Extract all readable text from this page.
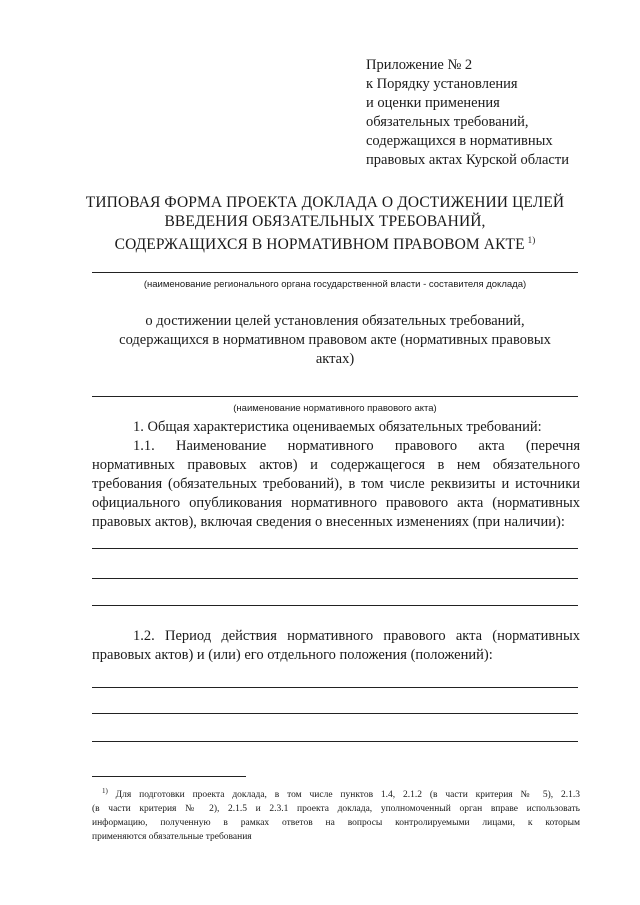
Приложение № 2
к Порядку установления
и оценки применения
обязательных требований,
содержащихся в нормативных
правовых актах Курской области
ТИПОВАЯ ФОРМА ПРОЕКТА ДОКЛАДА О ДОСТИЖЕНИИ ЦЕЛЕЙ
ВВЕДЕНИЯ ОБЯЗАТЕЛЬНЫХ ТРЕБОВАНИЙ,
СОДЕРЖАЩИХСЯ В НОРМАТИВНОМ ПРАВОВОМ АКТЕ $^{1)}$
(наименование регионального органа государственной власти - составителя доклада)
о достижении целей установления обязательных требований,
содержащихся в нормативном правовом акте (нормативных правовых
актах)
(наименование нормативного правового акта)
1. Общая характеристика оцениваемых обязательных требований:
1.1. Наименование нормативного правового акта (перечня
нормативных правовых актов) и содержащегося в нем обязательного
требования (обязательных требований), в том числе реквизиты и источники
официального опубликования нормативного правового акта (нормативных
правовых актов), включая сведения о внесенных изменениях (при наличии):
1.2. Период действия нормативного правового акта (нормативных
правовых актов) и (или) его отдельного положения (положений):
$^{1)}$ Для подготовки проекта доклада, в том числе пунктов 1.4, 2.1.2 (в части критерия № 5), 2.1.3
(в части критерия № 2), 2.1.5 и 2.3.1 проекта доклада, уполномоченный орган вправе использовать
информацию, полученную в рамках ответов на вопросы контролируемыми лицами, к которым
применяются обязательные требования
